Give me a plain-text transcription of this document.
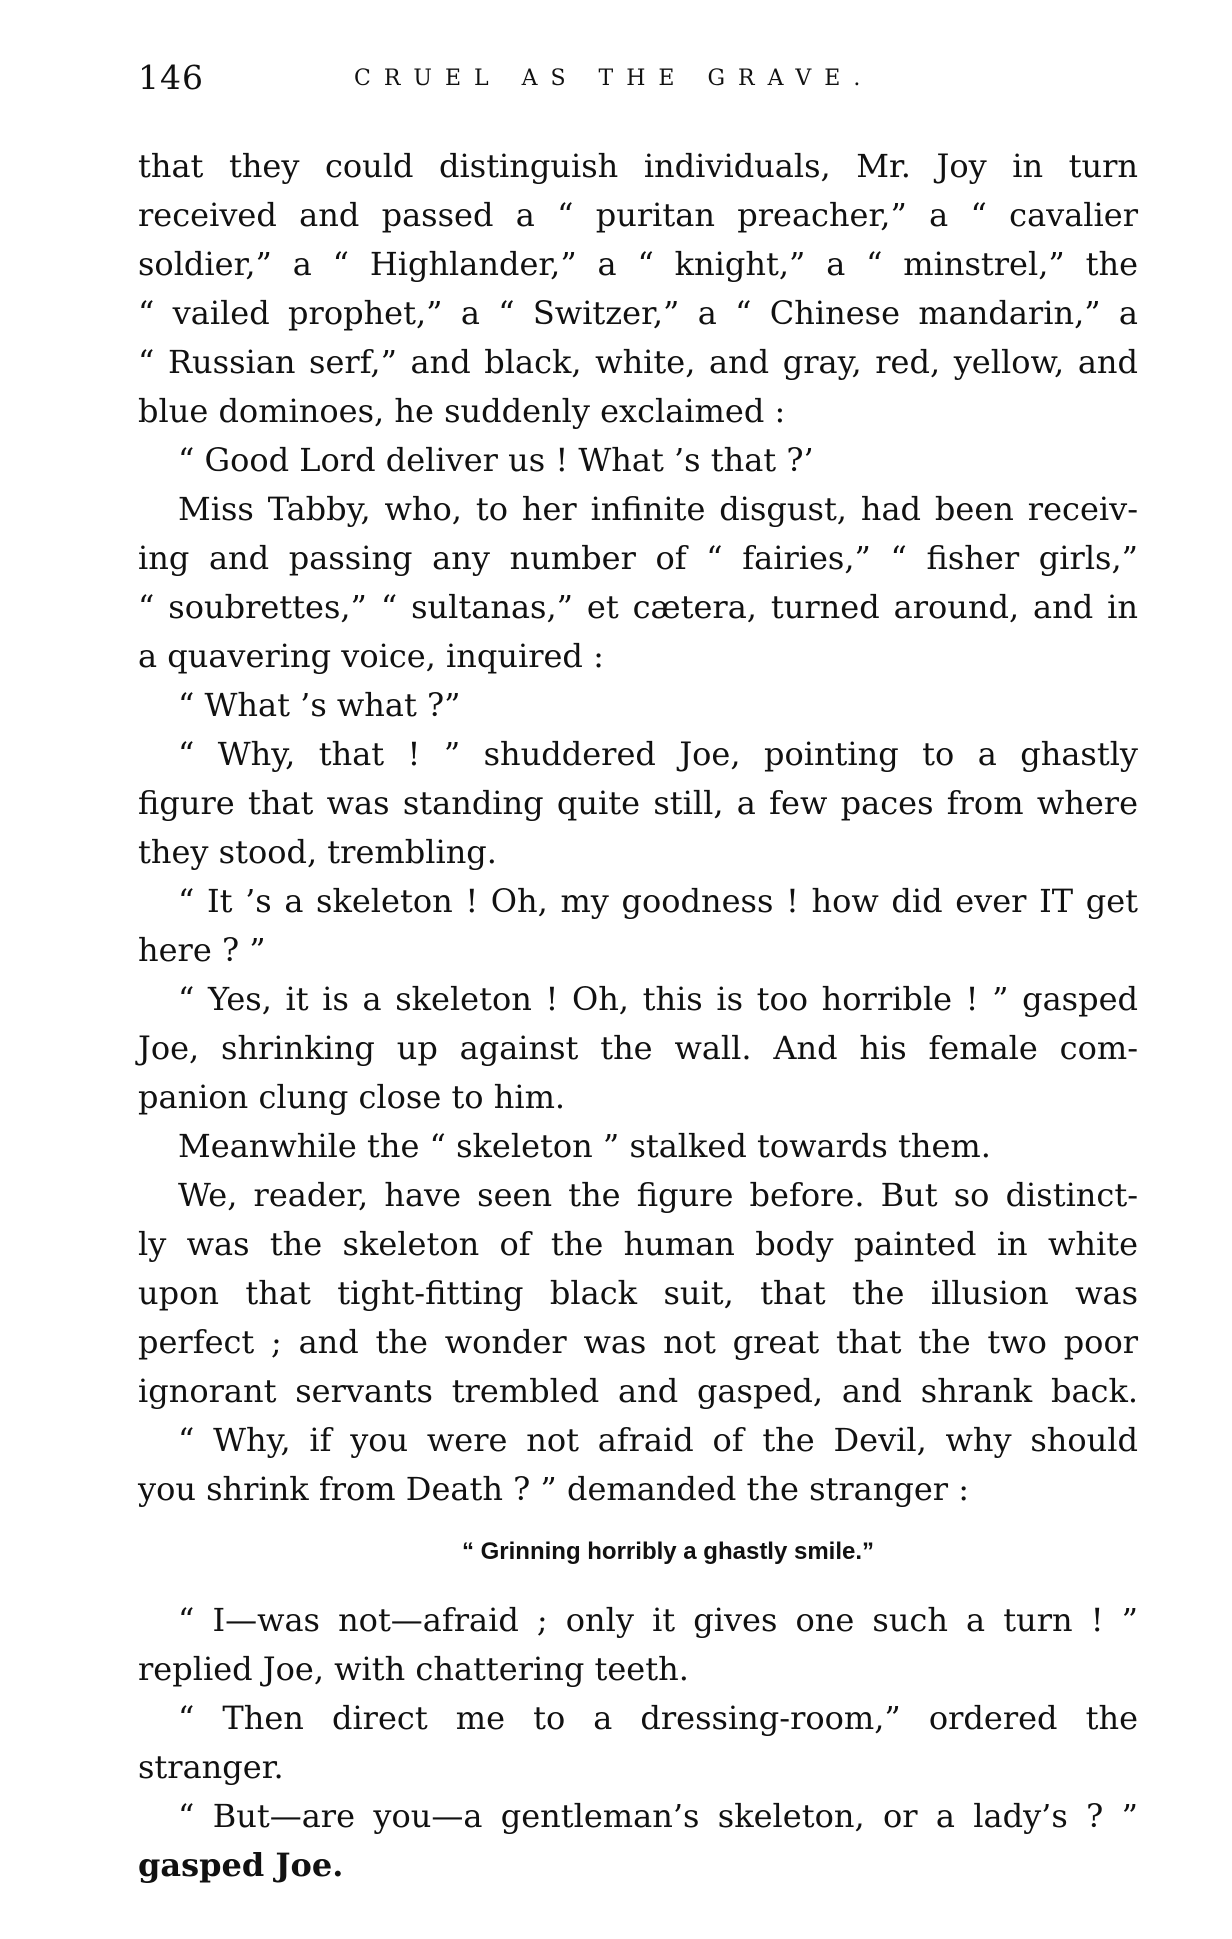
146	CRUEL AS THE GRAVE.
that they could distinguish individuals, Mr. Joy in turn
received and passed a “ puritan preacher,” a “ cavalier
soldier,” a “ Highlander,” a “ knight,” a “ minstrel,” the
“ vailed prophet,” a “ Switzer,” a “ Chinese mandarin,” a
“ Russian serf,” and black, white, and gray, red, yellow, and
blue dominoes, he suddenly exclaimed :
“ Good Lord deliver us ! What ’s that ?’
Miss Tabby, who, to her infinite disgust, had been receiv-
ing and passing any number of “ fairies,” “ fisher girls,”
“ soubrettes,” “ sultanas,” et cætera, turned around, and in
a quavering voice, inquired :
“ What ’s what ?”
“ Why, that ! ” shuddered Joe, pointing to a ghastly
figure that was standing quite still, a few paces from where
they stood, trembling.
“ It ’s a skeleton ! Oh, my goodness ! how did ever IT get
here ? ”
“ Yes, it is a skeleton ! Oh, this is too horrible ! ” gasped
Joe, shrinking up against the wall. And his female com-
panion clung close to him.
Meanwhile the “ skeleton ” stalked towards them.
We, reader, have seen the figure before. But so distinct-
ly was the skeleton of the human body painted in white
upon that tight-fitting black suit, that the illusion was
perfect ; and the wonder was not great that the two poor
ignorant servants trembled and gasped, and shrank back.
“ Why, if you were not afraid of the Devil, why should
you shrink from Death ? ” demanded the stranger :
“ Grinning horribly a ghastly smile.”
“ I—was not—afraid ; only it gives one such a turn ! ”
replied Joe, with chattering teeth.
“ Then direct me to a dressing-room,” ordered the
stranger.
“ But—are you—a gentleman’s skeleton, or a lady’s ? ”
gasped Joe.
